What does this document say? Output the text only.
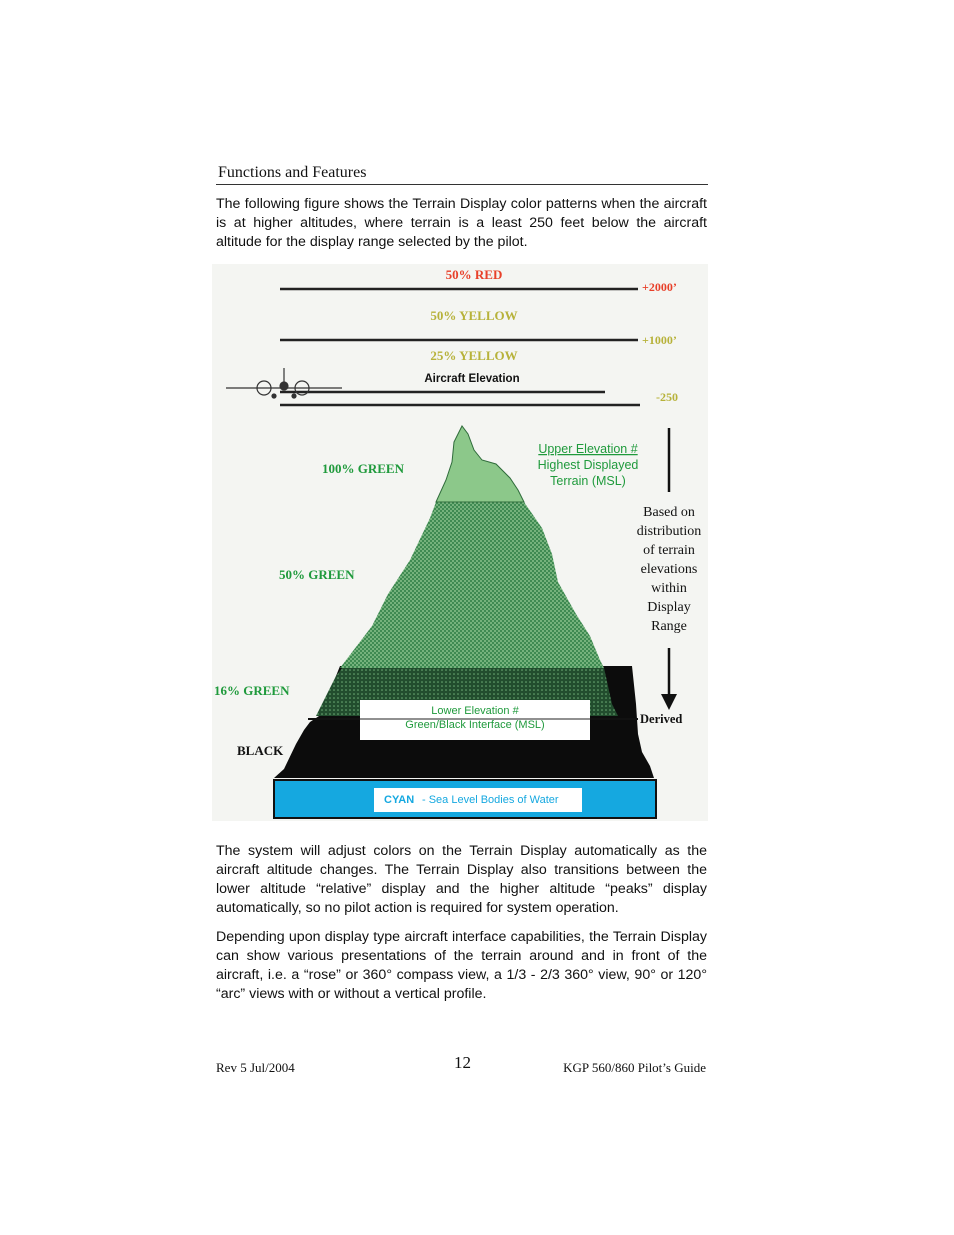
Functions and Features

The following figure shows the Terrain Display color patterns when the aircraft is at higher altitudes, where terrain is a least 250 feet below the aircraft altitude for the display range selected by the pilot.

50% RED
+2000’
50% YELLOW
+1000’
25% YELLOW
Aircraft Elevation
-250
100% GREEN
50% GREEN
16% GREEN
BLACK
Upper Elevation #
Highest Displayed
Terrain (MSL)
Based on
distribution
of terrain
elevations
within
Display
Range
Lower Elevation #
Green/Black Interface (MSL)	Derived
CYAN - Sea Level Bodies of Water

The system will adjust colors on the Terrain Display automatically as the aircraft altitude changes. The Terrain Display also transitions between the lower altitude “relative” display and the higher altitude “peaks” display automatically, so no pilot action is required for system operation.

Depending upon display type aircraft interface capabilities, the Terrain Display can show various presentations of the terrain around and in front of the aircraft, i.e. a “rose” or 360° compass view, a 1/3 - 2/3 360° view, 90° or 120° “arc” views with or without a vertical profile.

Rev 5 Jul/2004	12	KGP 560/860 Pilot’s Guide
